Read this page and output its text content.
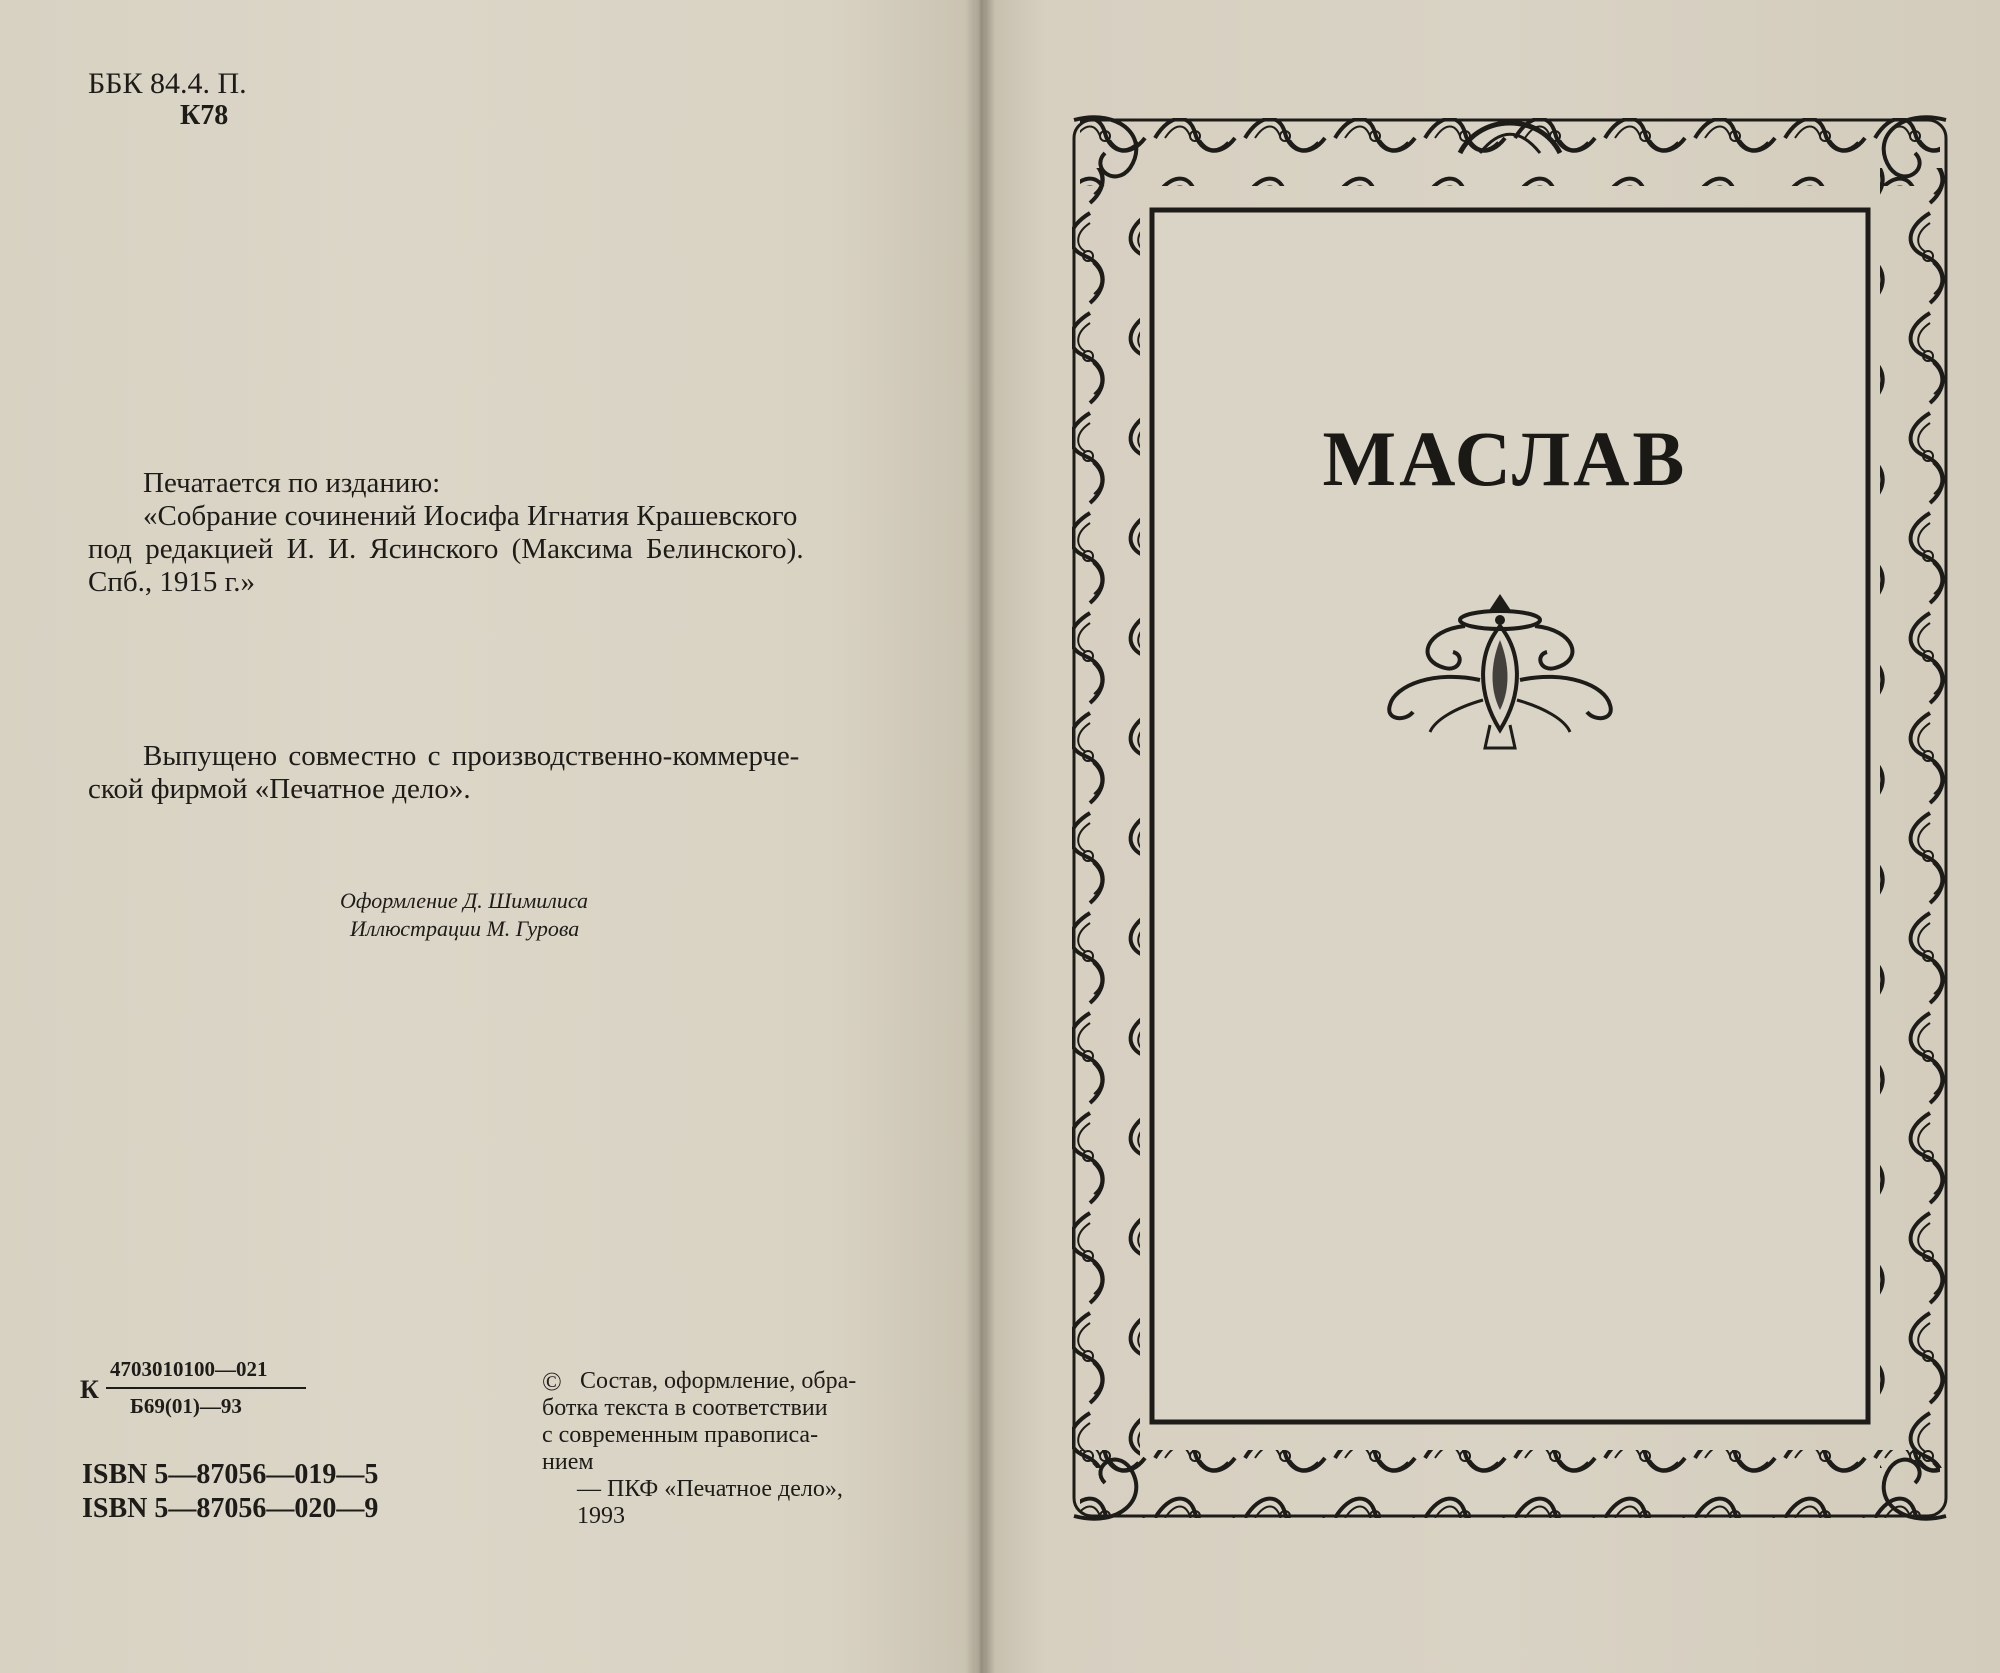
ББК 84.4. П.
К78
Печатается по изданию:
«Собрание сочинений Иосифа Игнатия Крашевского
под редакцией И. И. Ясинского (Максима Белинского).
Спб., 1915 г.»
Выпущено совместно с производственно-коммерче-
ской фирмой «Печатное дело».
Оформление Д. Шимилиса
Иллюстрации М. Гурова
К
4703010100—021
Б69(01)—93
ISBN 5—87056—019—5
ISBN 5—87056—020—9
© Состав, оформление, обра-
ботка текста в соответствии
с современным правописа-
нием
— ПКФ «Печатное дело»,
1993
МАСЛАВ
